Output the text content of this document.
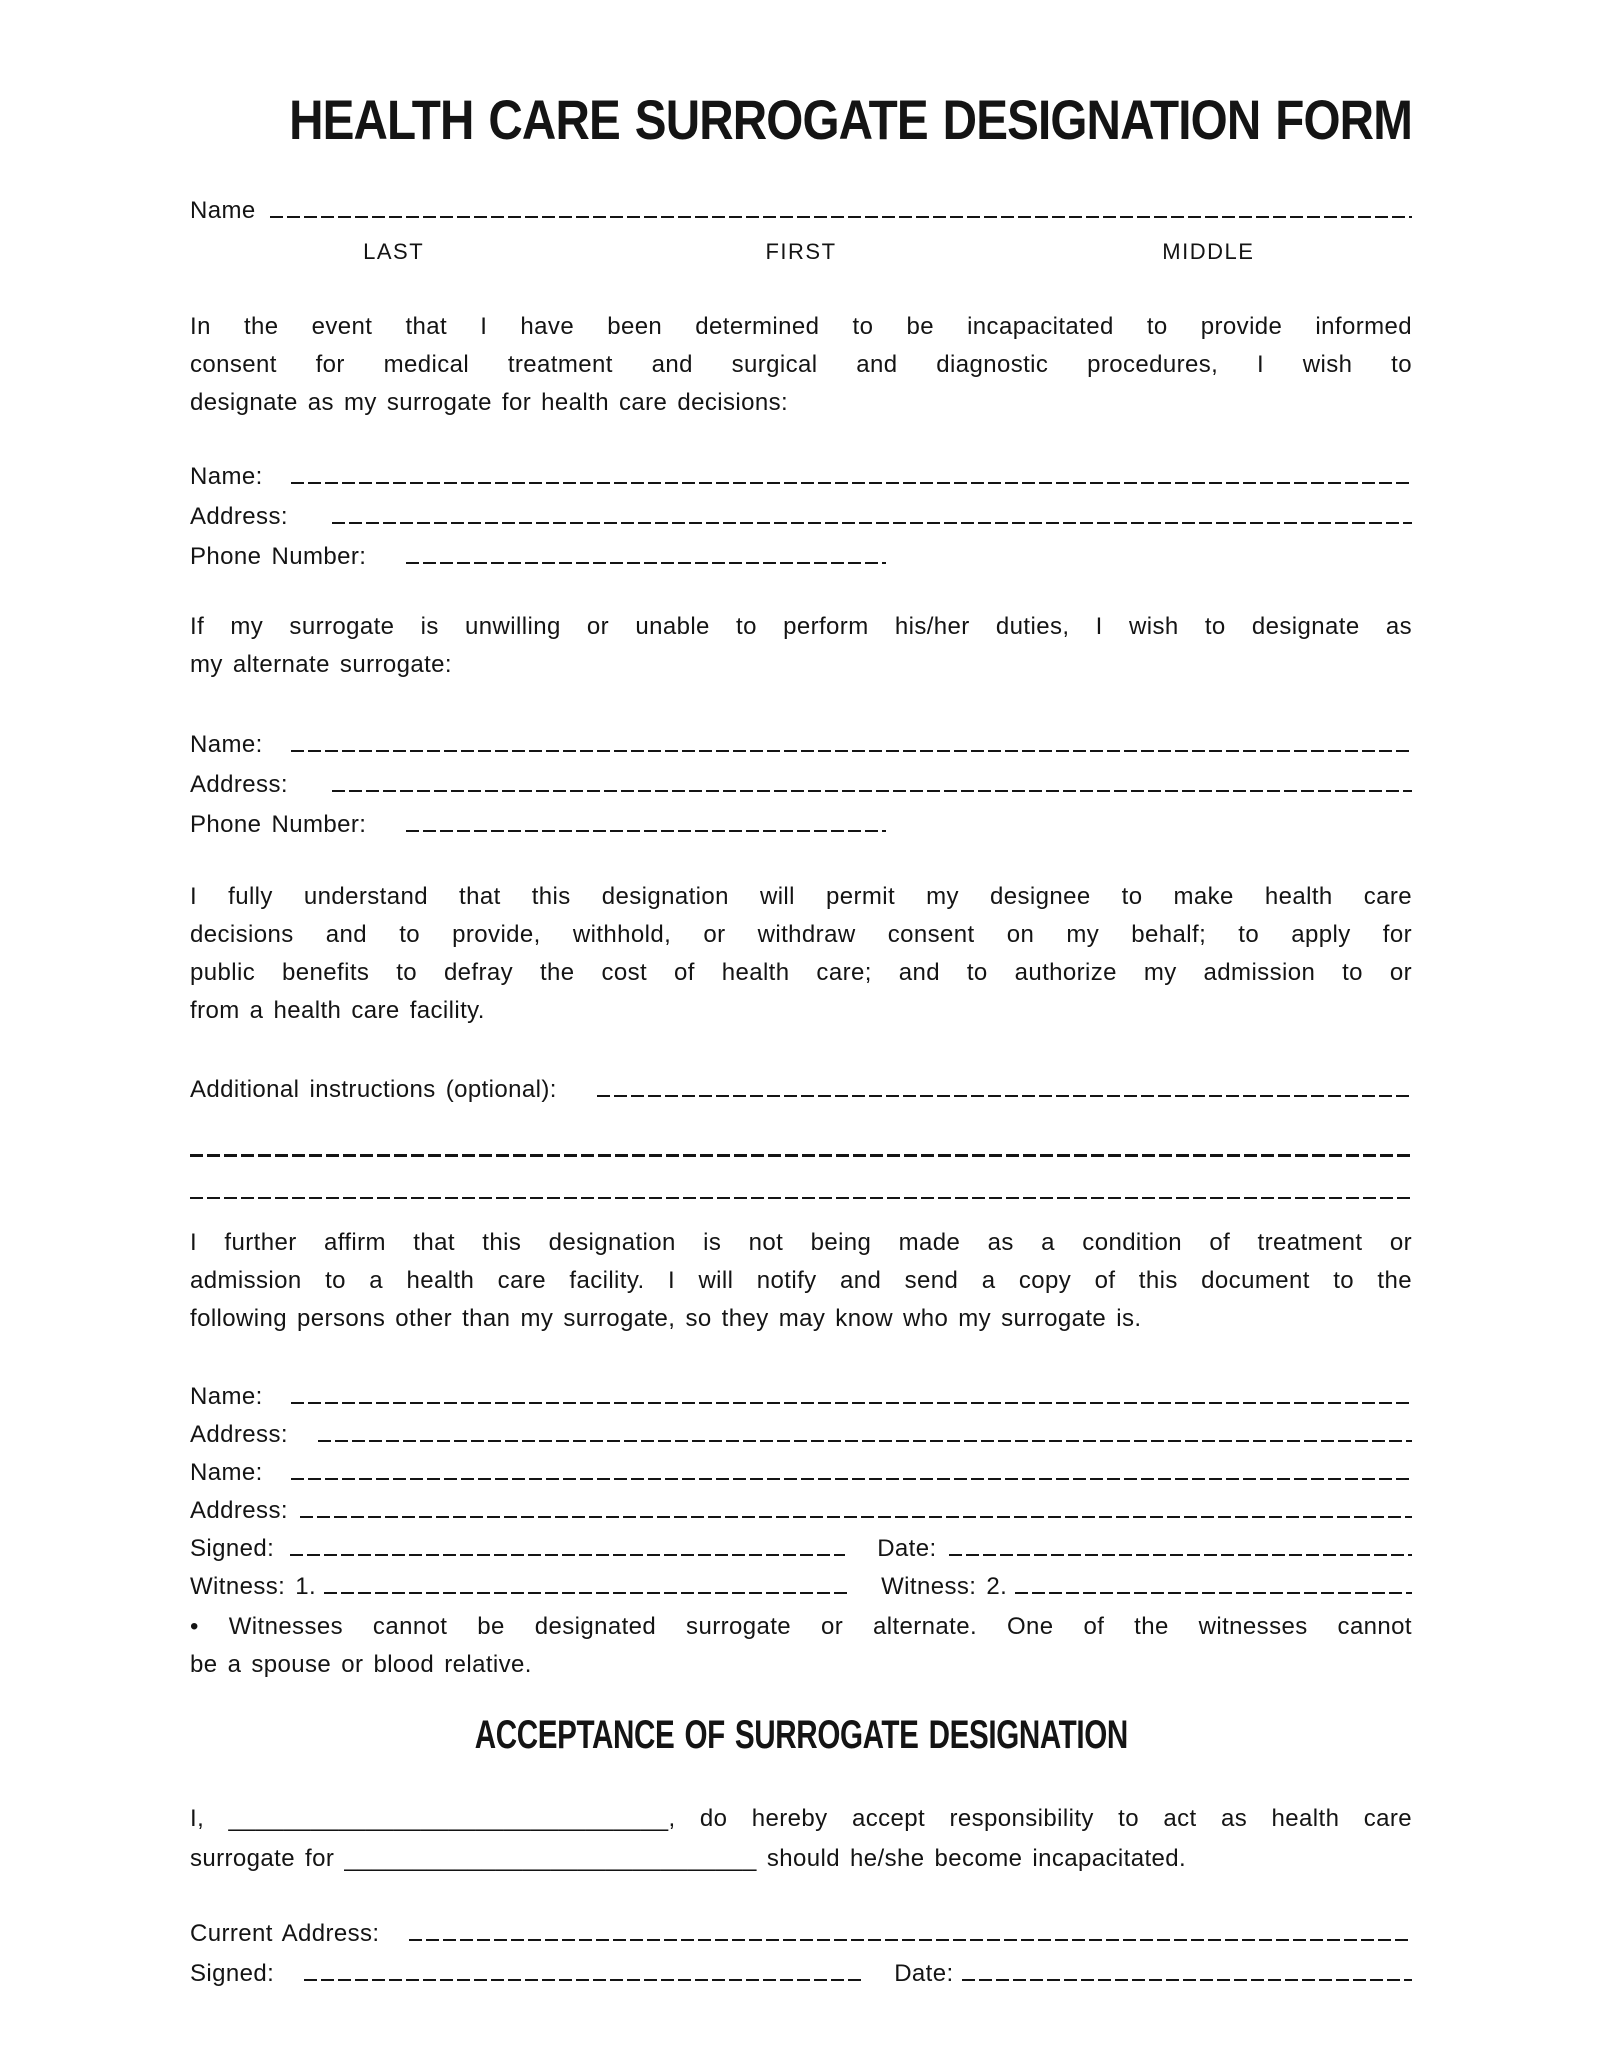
HEALTH CARE SURROGATE DESIGNATION FORM
Name
LAST	FIRST	MIDDLE
In the event that I have been determined to be incapacitated to provide informed
consent for medical treatment and surgical and diagnostic procedures, I wish to
designate as my surrogate for health care decisions:
Name:
Address:
Phone Number:
If my surrogate is unwilling or unable to perform his/her duties, I wish to designate as
my alternate surrogate:
Name:
Address:
Phone Number:
I fully understand that this designation will permit my designee to make health care
decisions and to provide, withhold, or withdraw consent on my behalf; to apply for
public benefits to defray the cost of health care; and to authorize my admission to or
from a health care facility.
Additional instructions (optional):
I further affirm that this designation is not being made as a condition of treatment or
admission to a health care facility. I will notify and send a copy of this document to the
following persons other than my surrogate, so they may know who my surrogate is.
Name:
Address:
Name:
Address:
Signed:	Date:
Witness: 1.	Witness: 2.
• Witnesses cannot be designated surrogate or alternate. One of the witnesses cannot
be a spouse or blood relative.
ACCEPTANCE OF SURROGATE DESIGNATION
I, ________________________________, do hereby accept responsibility to act as health care
surrogate for ______________________________ should he/she become incapacitated.
Current Address:
Signed:	Date:
